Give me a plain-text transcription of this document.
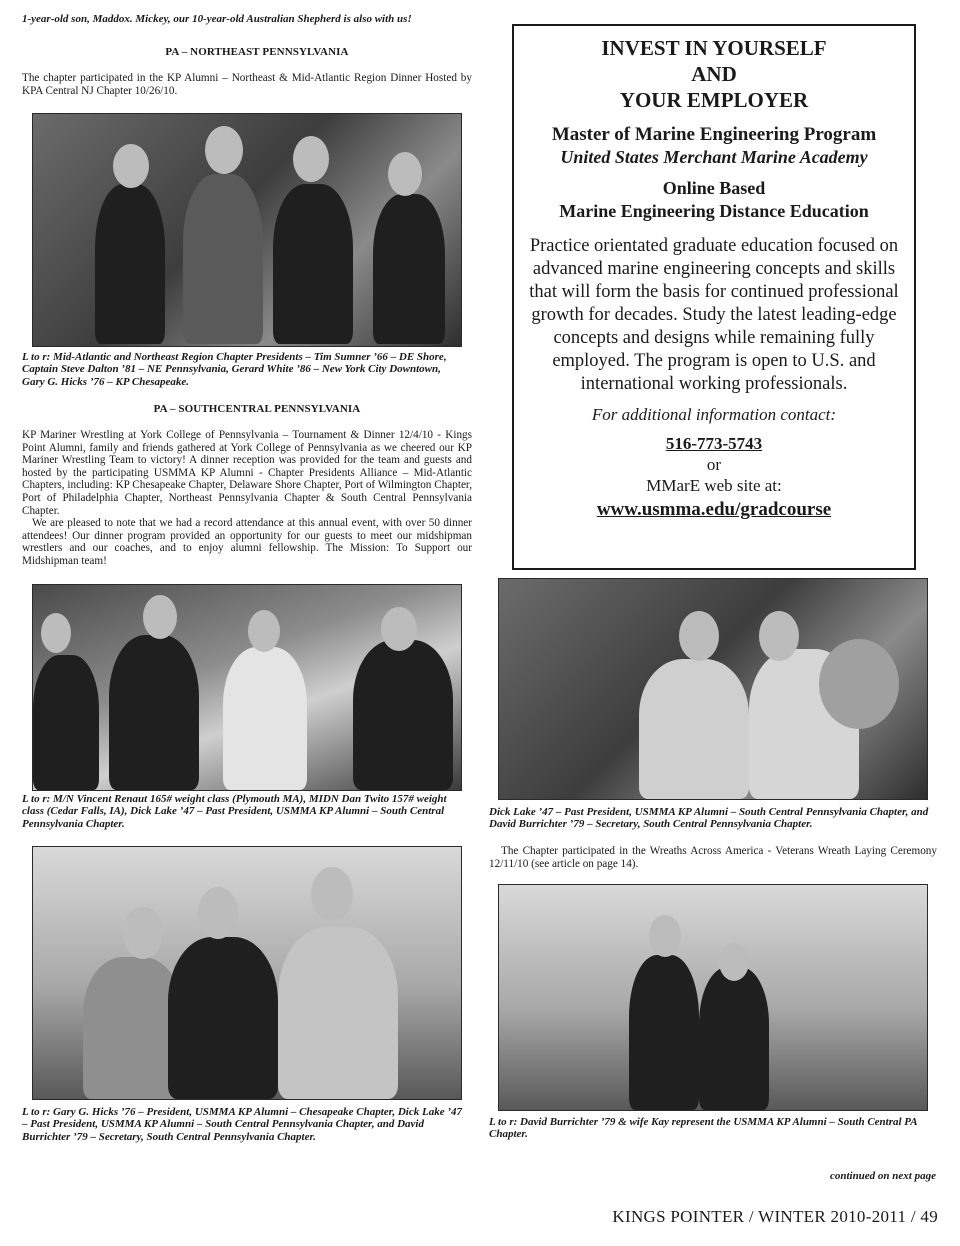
1-year-old son, Maddox. Mickey, our 10-year-old Australian Shepherd is also with us!
PA – NORTHEAST PENNSYLVANIA
The chapter participated in the KP Alumni – Northeast & Mid-Atlantic Region Dinner Hosted by KPA Central NJ Chapter 10/26/10.
L to r: Mid-Atlantic and Northeast Region Chapter Presidents – Tim Sumner ’66 – DE Shore, Captain Steve Dalton ’81 – NE Pennsylvania, Gerard White ’86 – New York City Downtown, Gary G. Hicks ’76 – KP Chesapeake.
PA – SOUTHCENTRAL PENNSYLVANIA
KP Mariner Wrestling at York College of Pennsylvania – Tournament & Dinner 12/4/10 - Kings Point Alumni, family and friends gathered at York College of Pennsylvania as we cheered our KP Mariner Wrestling Team to victory! A dinner reception was provided for the team and guests and hosted by the participating USMMA KP Alumni - Chapter Presidents Alliance – Mid-Atlantic Chapters, including: KP Chesapeake Chapter, Delaware Shore Chapter, Port of Wilmington Chapter, Port of Philadelphia Chapter, Northeast Pennsylvania Chapter & South Central Pennsylvania Chapter.
We are pleased to note that we had a record attendance at this annual event, with over 50 dinner attendees! Our dinner program provided an opportunity for our guests to meet our midshipman wrestlers and our coaches, and to enjoy alumni fellowship. The Mission: To Support our Midshipman team!
INVEST IN YOURSELF
AND
YOUR EMPLOYER
Master of Marine Engineering Program
United States Merchant Marine Academy
Online Based
Marine Engineering Distance Education
Practice orientated graduate education focused on advanced marine engineering concepts and skills that will form the basis for continued professional growth for decades. Study the latest leading-edge concepts and designs while remaining fully employed. The program is open to U.S. and international working professionals.
For additional information contact:
516-773-5743
or
MMarE web site at:
www.usmma.edu/gradcourse
L to r: M/N Vincent Renaut 165# weight class (Plymouth MA), MIDN Dan Twito 157# weight class (Cedar Falls, IA), Dick Lake ’47 – Past President, USMMA KP Alumni – South Central Pennsylvania Chapter.
Dick Lake ’47 – Past President, USMMA KP Alumni – South Central Pennsylvania Chapter, and David Burrichter ’79 – Secretary, South Central Pennsylvania Chapter.
L to r: Gary G. Hicks ’76 – President, USMMA KP Alumni – Chesapeake Chapter, Dick Lake ’47 – Past President, USMMA KP Alumni – South Central Pennsylvania Chapter, and David Burrichter ’79 – Secretary, South Central Pennsylvania Chapter.
The Chapter participated in the Wreaths Across America - Veterans Wreath Laying Ceremony 12/11/10 (see article on page 14).
L to r: David Burrichter ’79 & wife Kay represent the USMMA KP Alumni – South Central PA Chapter.
continued on next page
KINGS POINTER / WINTER 2010-2011 / 49
